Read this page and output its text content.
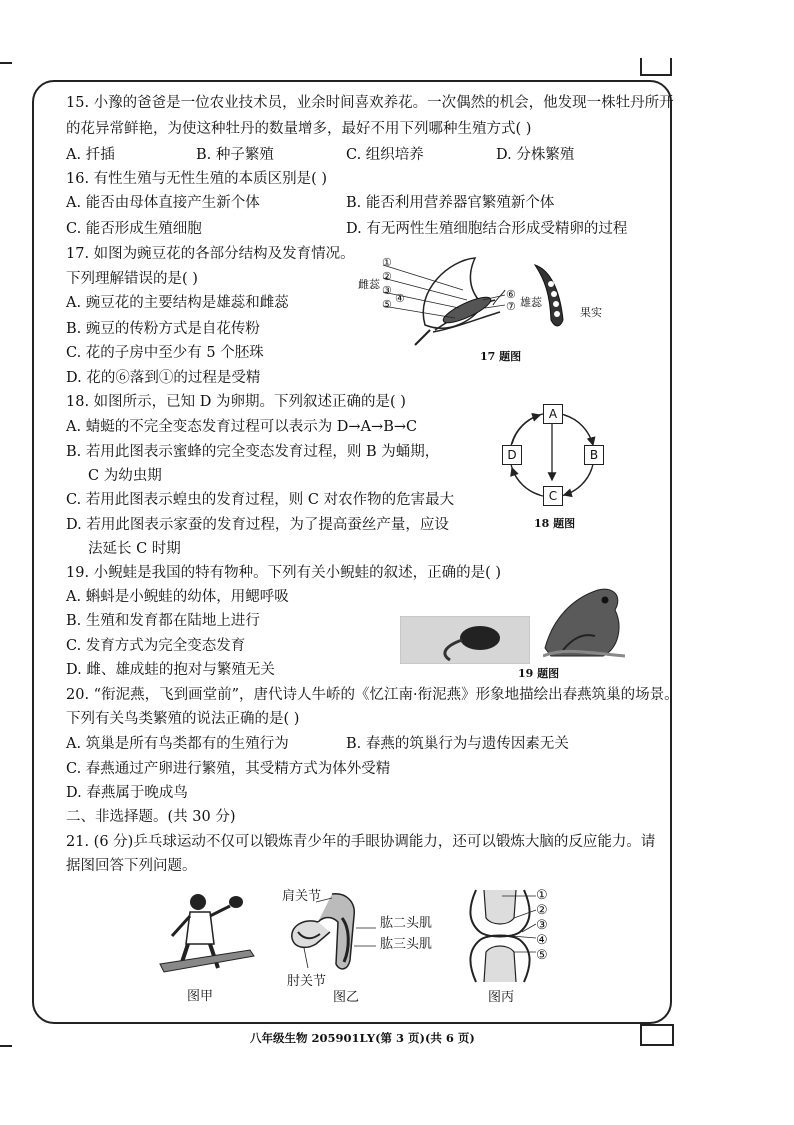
15. 小豫的爸爸是一位农业技术员，业余时间喜欢养花。一次偶然的机会，他发现一株牡丹所开
的花异常鲜艳，为使这种牡丹的数量增多，最好不用下列哪种生殖方式( )
A. 扦插	B. 种子繁殖	C. 组织培养	D. 分株繁殖
16. 有性生殖与无性生殖的本质区别是( )
A. 能否由母体直接产生新个体	B. 能否利用营养器官繁殖新个体
C. 能否形成生殖细胞	D. 有无两性生殖细胞结合形成受精卵的过程
17. 如图为豌豆花的各部分结构及发育情况。
下列理解错误的是( )
A. 豌豆花的主要结构是雄蕊和雌蕊
B. 豌豆的传粉方式是自花传粉
C. 花的子房中至少有 5 个胚珠
D. 花的⑥落到①的过程是受精
雌蕊
①
②
③
④
⑤
⑥
⑦ 雄蕊
果实
17 题图
18. 如图所示，已知 D 为卵期。下列叙述正确的是( )
A. 蜻蜓的不完全变态发育过程可以表示为 D→A→B→C
B. 若用此图表示蜜蜂的完全变态发育过程，则 B 为蛹期，
C 为幼虫期
C. 若用此图表示蝗虫的发育过程，则 C 对农作物的危害最大
D. 若用此图表示家蚕的发育过程，为了提高蚕丝产量，应设
法延长 C 时期
A
B
C
D
18 题图
19. 小鲵蛙是我国的特有物种。下列有关小鲵蛙的叙述，正确的是( )
A. 蝌蚪是小鲵蛙的幼体，用鳃呼吸
B. 生殖和发育都在陆地上进行
C. 发育方式为完全变态发育
D. 雌、雄成蛙的抱对与繁殖无关	19 题图
20. “衔泥燕，飞到画堂前”，唐代诗人牛峤的《忆江南·衔泥燕》形象地描绘出春燕筑巢的场景。
下列有关鸟类繁殖的说法正确的是( )
A. 筑巢是所有鸟类都有的生殖行为	B. 春燕的筑巢行为与遗传因素无关
C. 春燕通过产卵进行繁殖，其受精方式为体外受精
D. 春燕属于晚成鸟
二、非选择题。(共 30 分)
21. (6 分)乒乓球运动不仅可以锻炼青少年的手眼协调能力，还可以锻炼大脑的反应能力。请
据图回答下列问题。
图甲
肩关节
肱二头肌
肱三头肌
肘关节
图乙
①
②
③
④
⑤
图丙
八年级生物 205901LY(第 3 页)(共 6 页)
